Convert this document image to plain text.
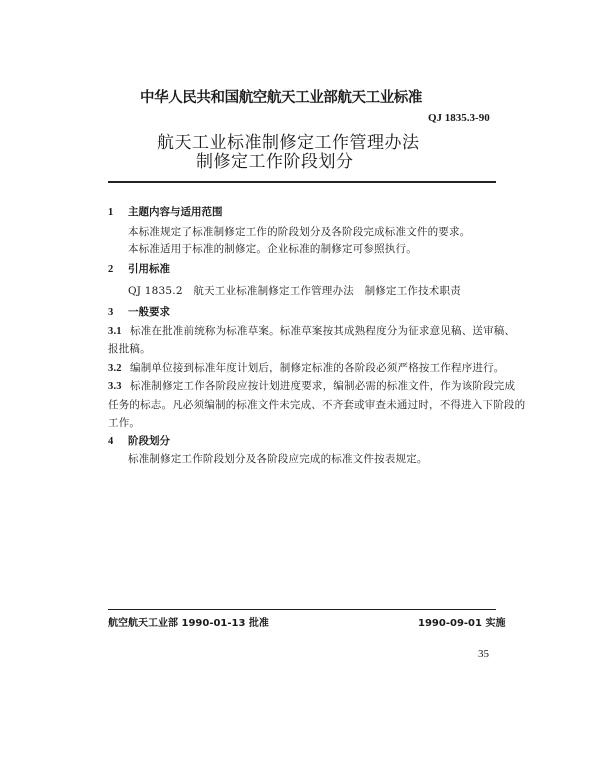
中华人民共和国航空航天工业部航天工业标准
QJ 1835.3-90
航天工业标准制修定工作管理办法
制修定工作阶段划分
1 主题内容与适用范围
本标准规定了标准制修定工作的阶段划分及各阶段完成标准文件的要求。
本标准适用于标准的制修定。企业标准的制修定可参照执行。
2 引用标准
QJ 1835.2　航天工业标准制修定工作管理办法　制修定工作技术职责
3 一般要求
3.1 标准在批准前统称为标准草案。标准草案按其成熟程度分为征求意见稿、送审稿、
报批稿。
3.2 编制单位接到标准年度计划后，制修定标准的各阶段必须严格按工作程序进行。
3.3 标准制修定工作各阶段应按计划进度要求，编制必需的标准文件，作为该阶段完成
任务的标志。凡必须编制的标准文件未完成、不齐套或审查未通过时，不得进入下阶段的
工作。
4 阶段划分
标准制修定工作阶段划分及各阶段应完成的标准文件按表规定。
航空航天工业部 1990-01-13 批准	1990-09-01 实施
35
